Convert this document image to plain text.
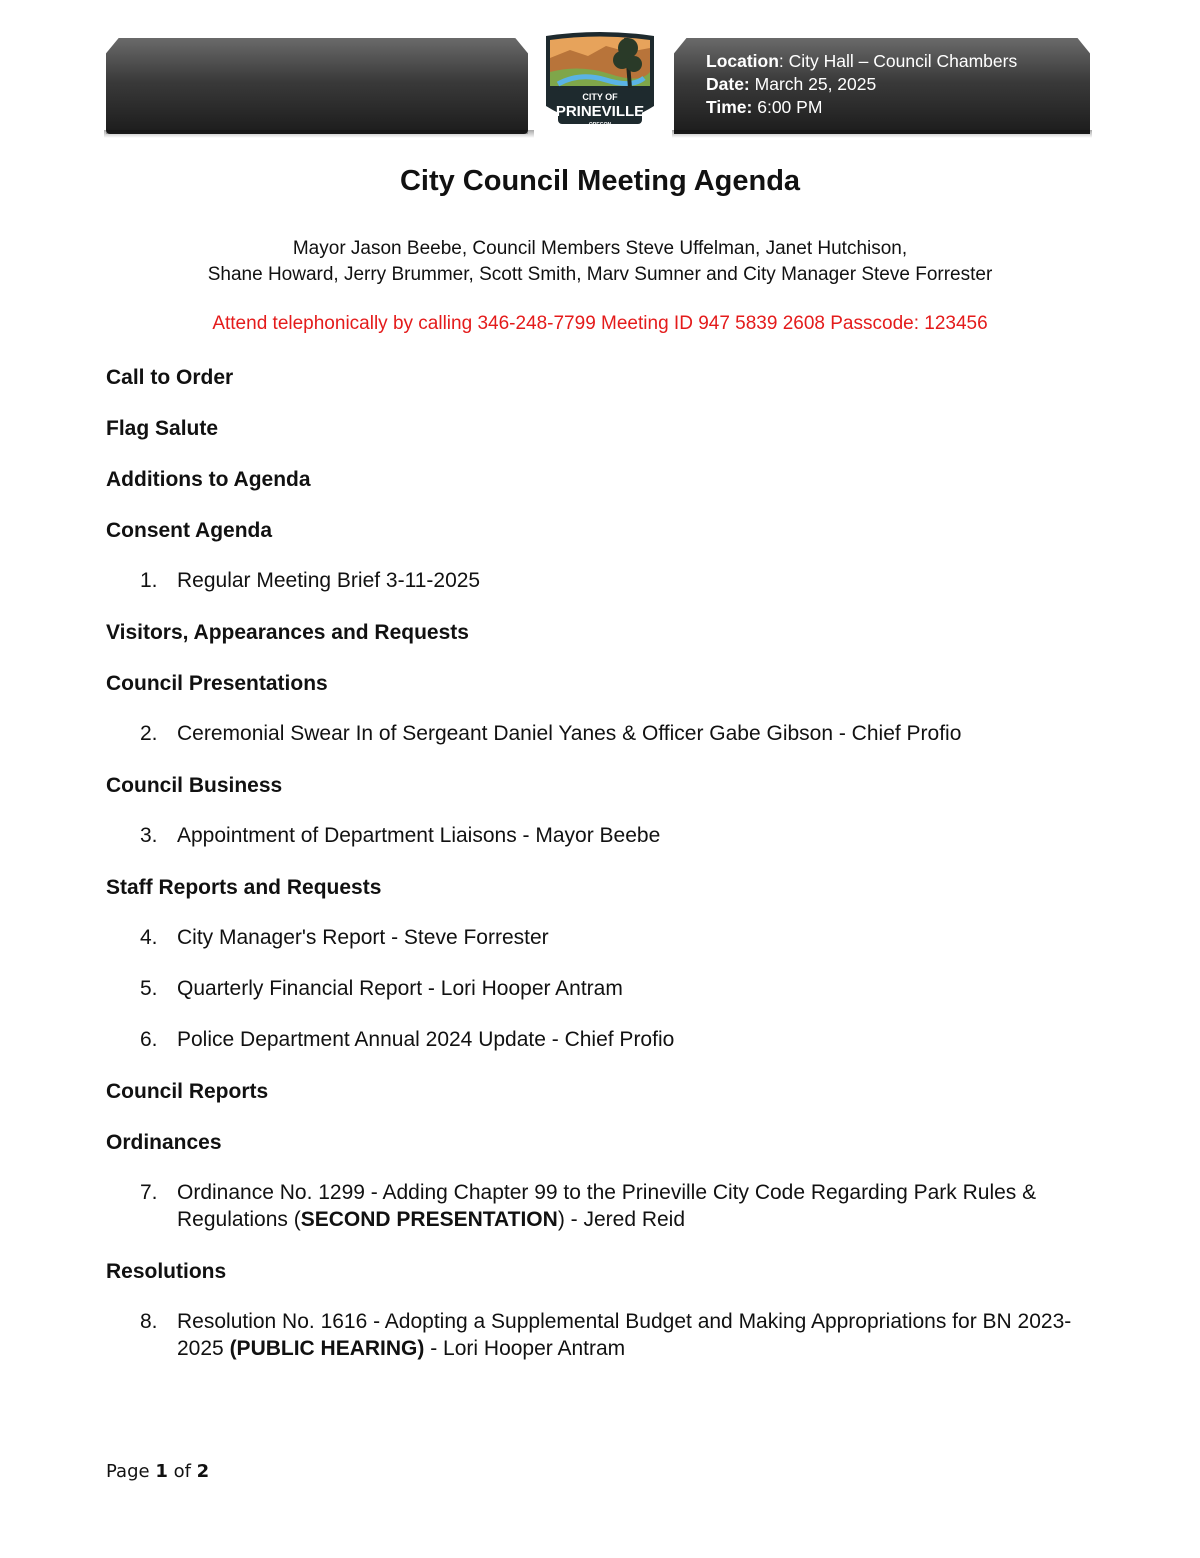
CITY OF
PRINEVILLE
OREGON
Location: City Hall – Council Chambers
Date: March 25, 2025
Time: 6:00 PM
City Council Meeting Agenda
Mayor Jason Beebe, Council Members Steve Uffelman, Janet Hutchison,
Shane Howard, Jerry Brummer, Scott Smith, Marv Sumner and City Manager Steve Forrester
Attend telephonically by calling 346-248-7799 Meeting ID 947 5839 2608 Passcode: 123456
Call to Order
Flag Salute
Additions to Agenda
Consent Agenda
1. Regular Meeting Brief 3-11-2025
Visitors, Appearances and Requests
Council Presentations
2. Ceremonial Swear In of Sergeant Daniel Yanes & Officer Gabe Gibson - Chief Profio
Council Business
3. Appointment of Department Liaisons - Mayor Beebe
Staff Reports and Requests
4. City Manager's Report - Steve Forrester
5. Quarterly Financial Report - Lori Hooper Antram
6. Police Department Annual 2024 Update - Chief Profio
Council Reports
Ordinances
7. Ordinance No. 1299 - Adding Chapter 99 to the Prineville City Code Regarding Park Rules & Regulations (SECOND PRESENTATION) - Jered Reid
Resolutions
8. Resolution No. 1616 - Adopting a Supplemental Budget and Making Appropriations for BN 2023-2025 (PUBLIC HEARING) - Lori Hooper Antram
Page 1 of 2
